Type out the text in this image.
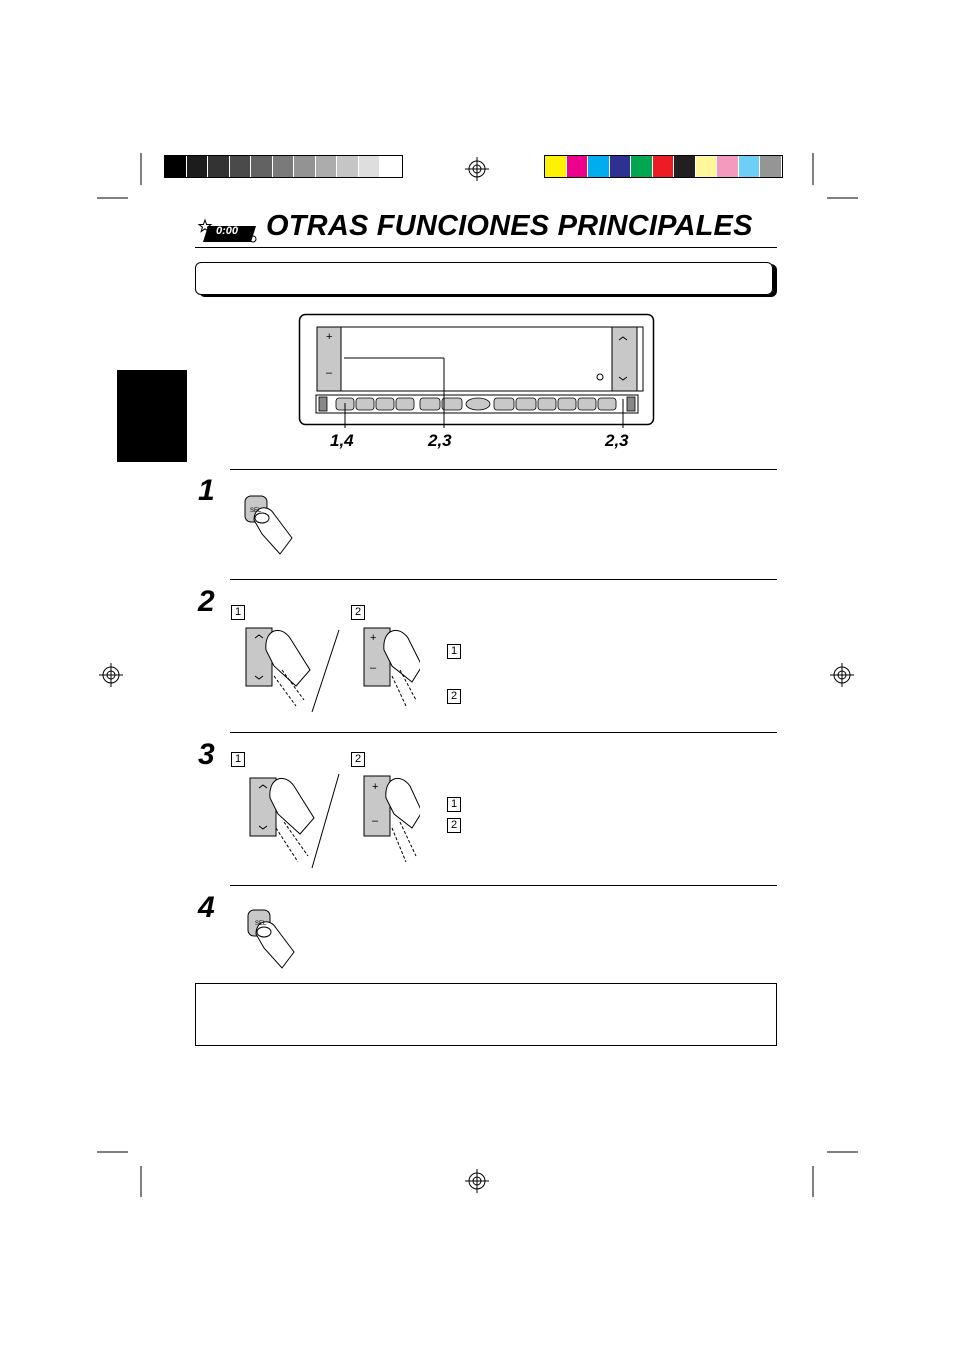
0:00 OTRAS FUNCIONES PRINCIPALES
+
–
1,4	2,3	2,3
1
2
3
4
SEL
1	2
1
2
+
–
1	2
1
2
+
–
SEL
